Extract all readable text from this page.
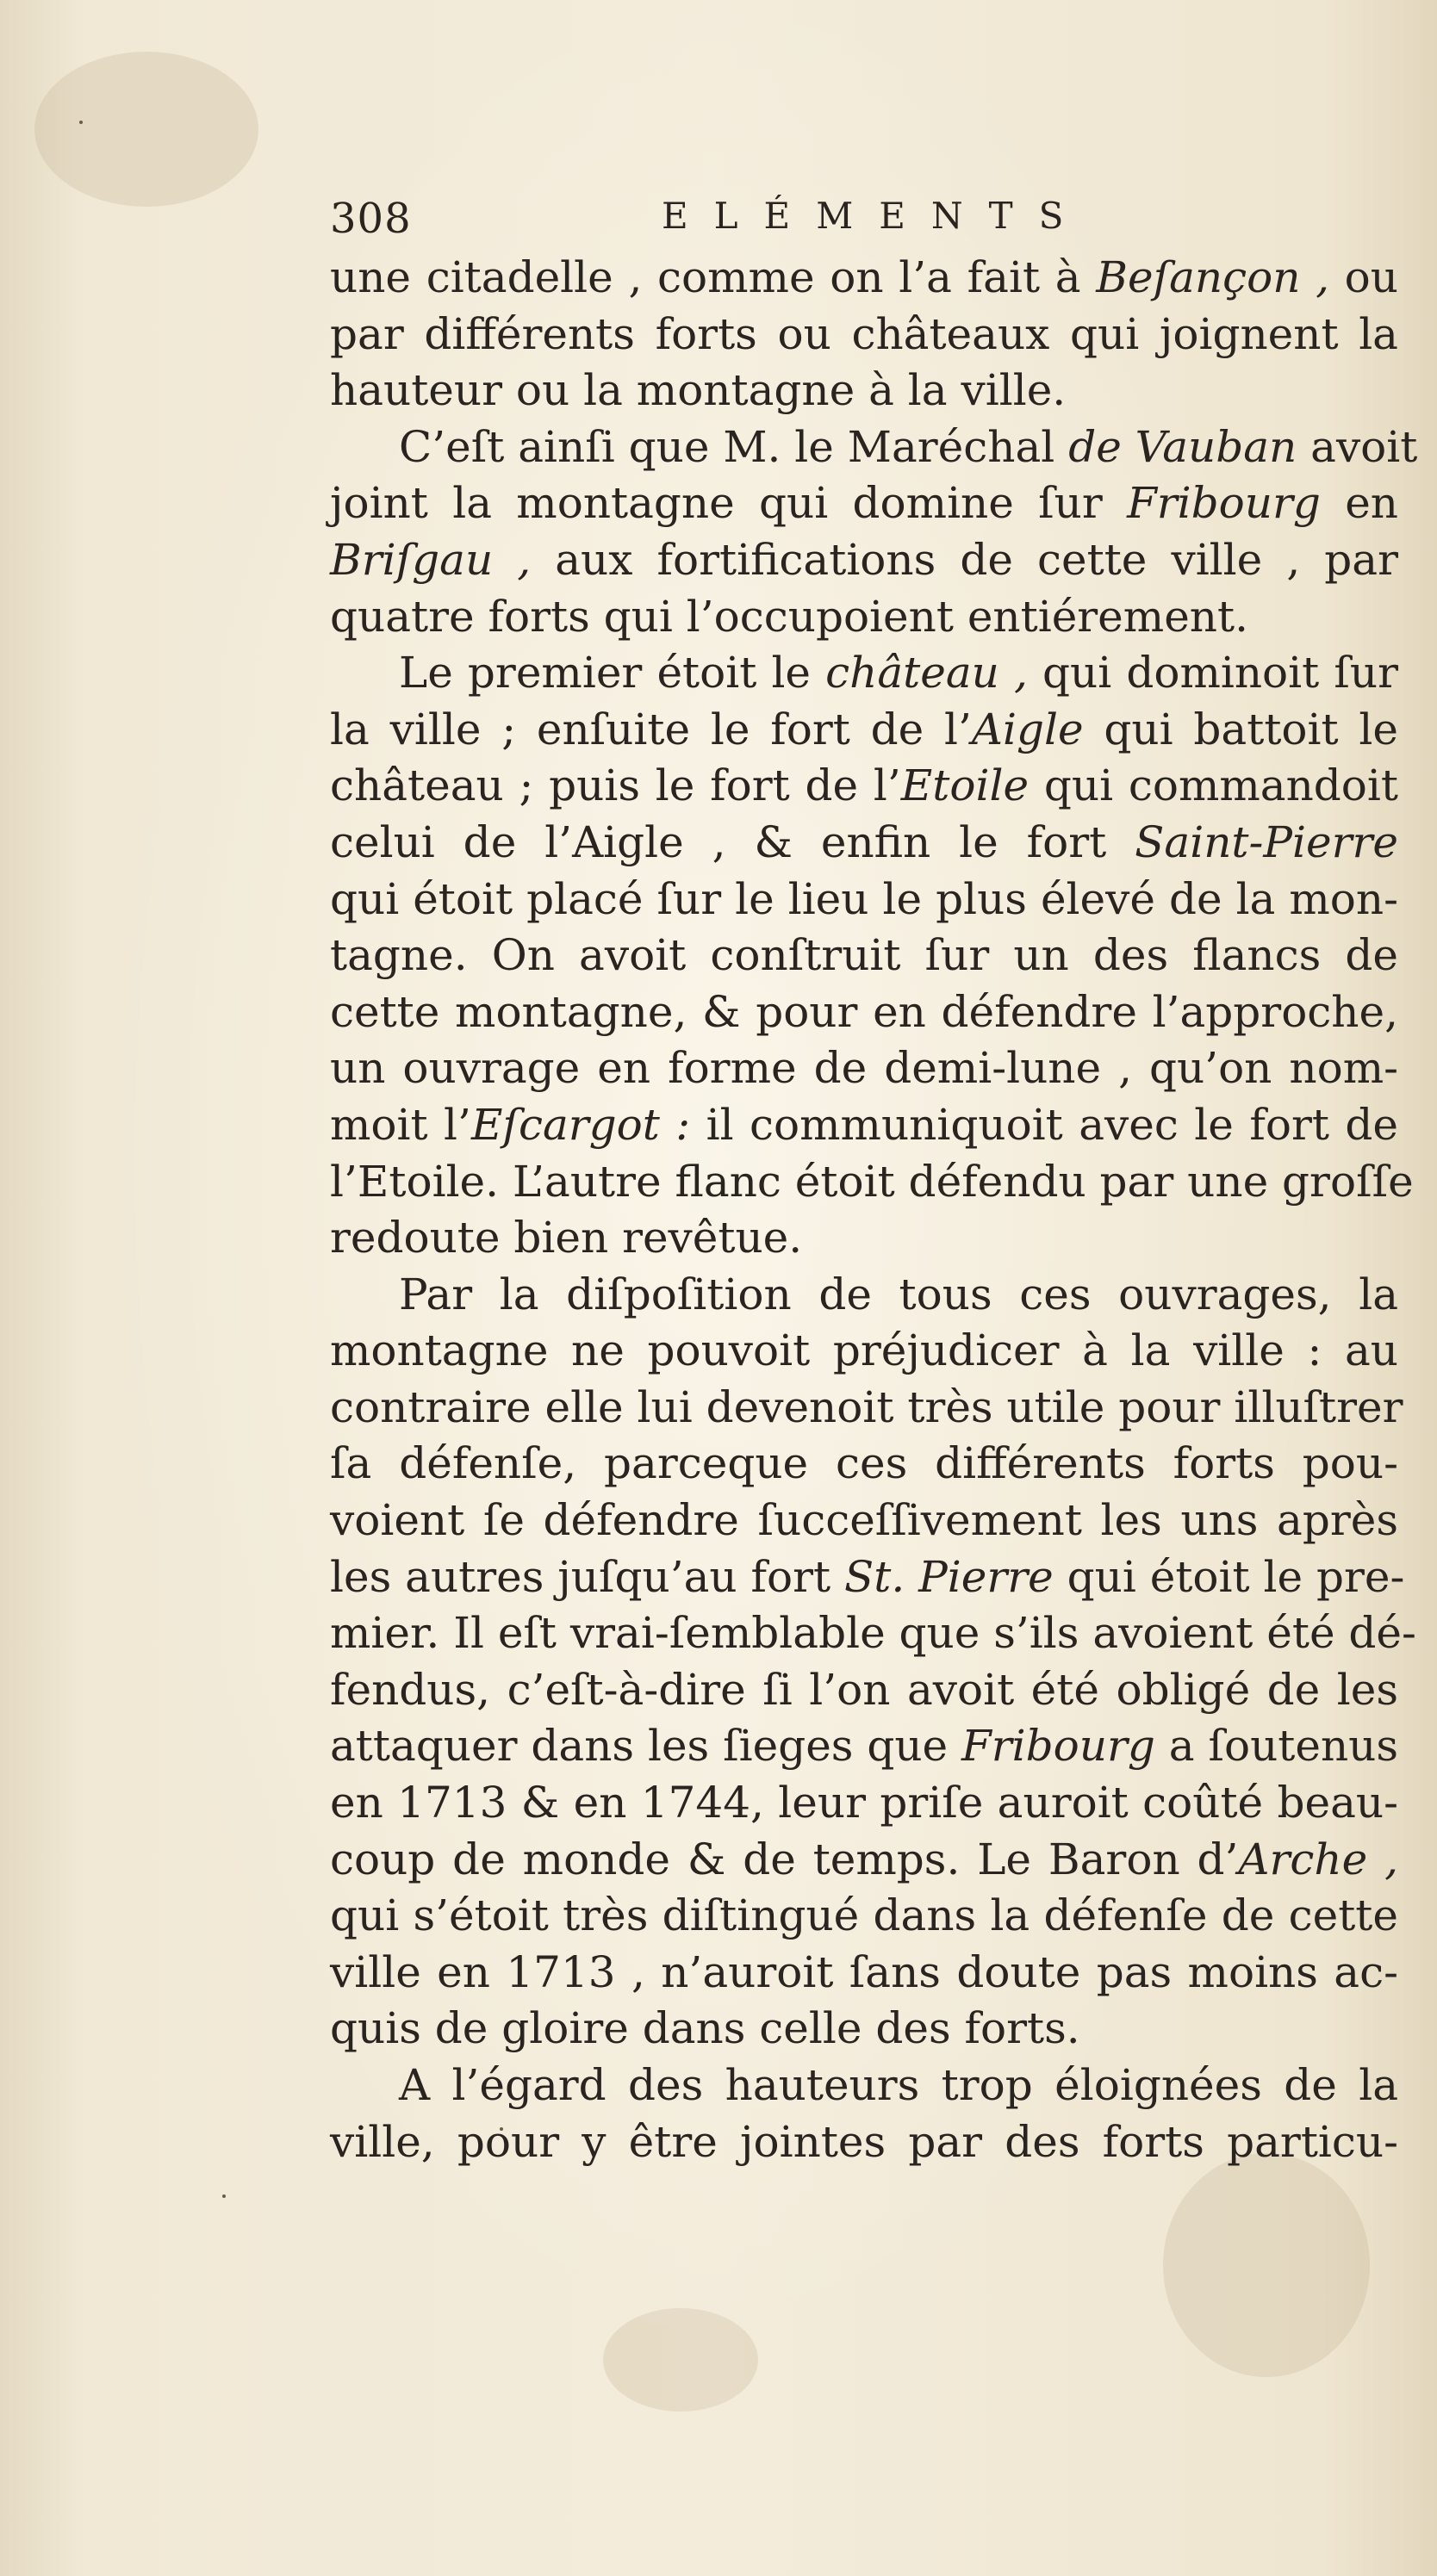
308	ELÉMENTS
une citadelle , comme on l’a fait à Beſançon , ou
par différents forts ou châteaux qui joignent la
hauteur ou la montagne à la ville.
C’eſt ainſi que M. le Maréchal de Vauban avoit
joint la montagne qui domine ſur Fribourg en
Briſgau , aux fortifications de cette ville , par
quatre forts qui l’occupoient entiérement.
Le premier étoit le château , qui dominoit ſur
la ville ; enſuite le fort de l’Aigle qui battoit le
château ; puis le fort de l’Etoile qui commandoit
celui de l’Aigle , & enfin le fort Saint-Pierre
qui étoit placé ſur le lieu le plus élevé de la mon-
tagne. On avoit conſtruit ſur un des flancs de
cette montagne, & pour en défendre l’approche,
un ouvrage en forme de demi-lune , qu’on nom-
moit l’Eſcargot : il communiquoit avec le fort de
l’Etoile. L’autre flanc étoit défendu par une groſſe
redoute bien revêtue.
Par la diſpoſition de tous ces ouvrages, la
montagne ne pouvoit préjudicer à la ville : au
contraire elle lui devenoit très utile pour illuſtrer
ſa défenſe, parceque ces différents forts pou-
voient ſe défendre ſucceſſivement les uns après
les autres juſqu’au fort St. Pierre qui étoit le pre-
mier. Il eſt vrai-ſemblable que s’ils avoient été dé-
fendus, c’eſt-à-dire ſi l’on avoit été obligé de les
attaquer dans les ſieges que Fribourg a ſoutenus
en 1713 & en 1744, leur priſe auroit coûté beau-
coup de monde & de temps. Le Baron d’Arche ,
qui s’étoit très diſtingué dans la défenſe de cette
ville en 1713 , n’auroit ſans doute pas moins ac-
quis de gloire dans celle des forts.
A l’égard des hauteurs trop éloignées de la
ville, pour y être jointes par des forts particu-
